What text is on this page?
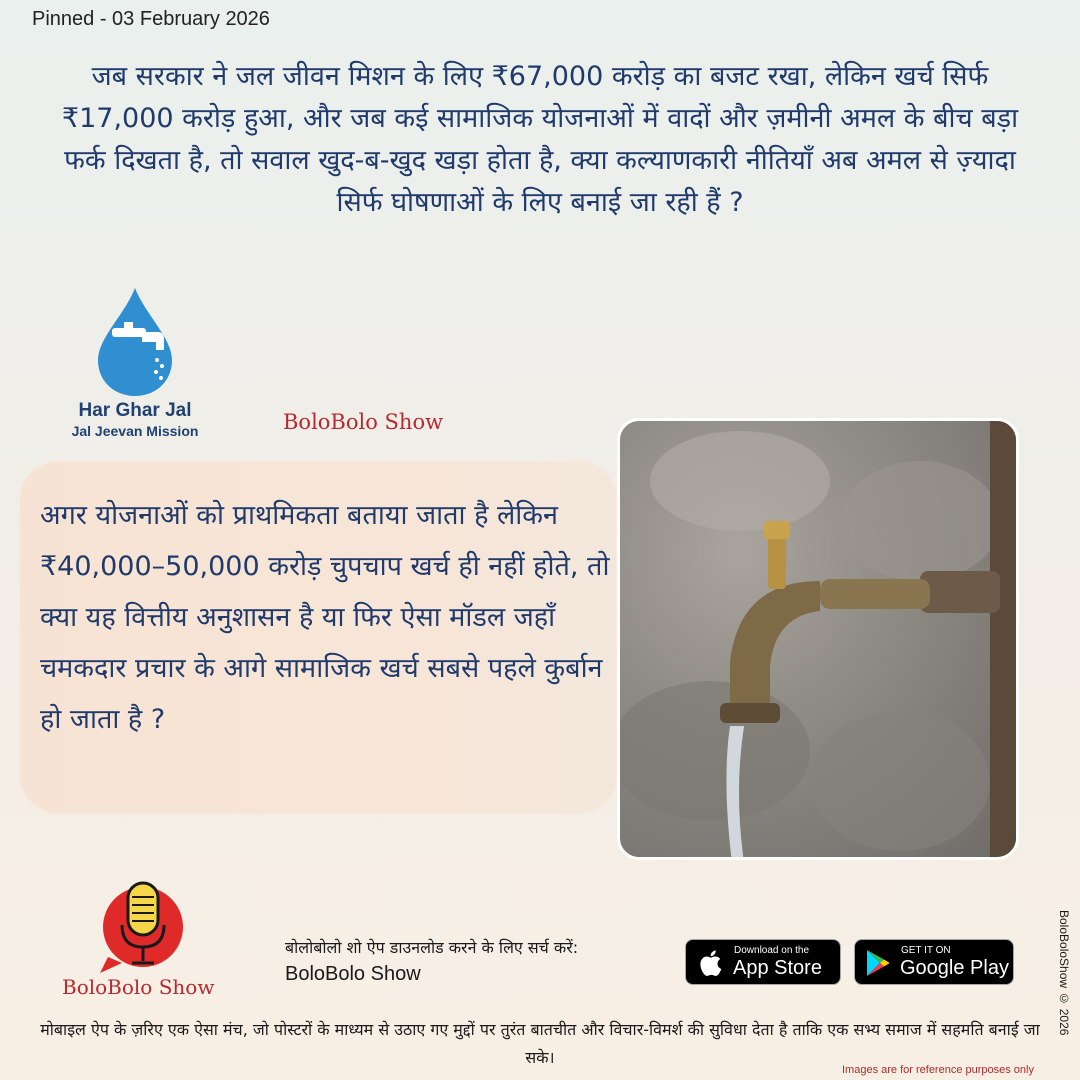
Pinned - 03 February 2026
जब सरकार ने जल जीवन मिशन के लिए ₹67,000 करोड़ का बजट रखा, लेकिन खर्च सिर्फ ₹17,000 करोड़ हुआ, और जब कई सामाजिक योजनाओं में वादों और ज़मीनी अमल के बीच बड़ा फर्क दिखता है, तो सवाल खुद-ब-खुद खड़ा होता है, क्या कल्याणकारी नीतियाँ अब अमल से ज़्यादा सिर्फ घोषणाओं के लिए बनाई जा रही हैं ?
Har Ghar Jal
Jal Jeevan Mission	BoloBolo Show
अगर योजनाओं को प्राथमिकता बताया जाता है लेकिन ₹40,000–50,000 करोड़ चुपचाप खर्च ही नहीं होते, तो क्या यह वित्तीय अनुशासन है या फिर ऐसा मॉडल जहाँ चमकदार प्रचार के आगे सामाजिक खर्च सबसे पहले कुर्बान हो जाता है ?
BoloBolo Show
बोलोबोलो शो ऐप डाउनलोड करने के लिए सर्च करें:
BoloBolo Show
Download on the
App Store
GET IT ON
Google Play
मोबाइल ऐप के ज़रिए एक ऐसा मंच, जो पोस्टरों के माध्यम से उठाए गए मुद्दों पर तुरंत बातचीत और विचार-विमर्श की सुविधा देता है ताकि एक सभ्य समाज में सहमति बनाई जा सके।
Images are for reference purposes only
BoloBoloShow © 2026
